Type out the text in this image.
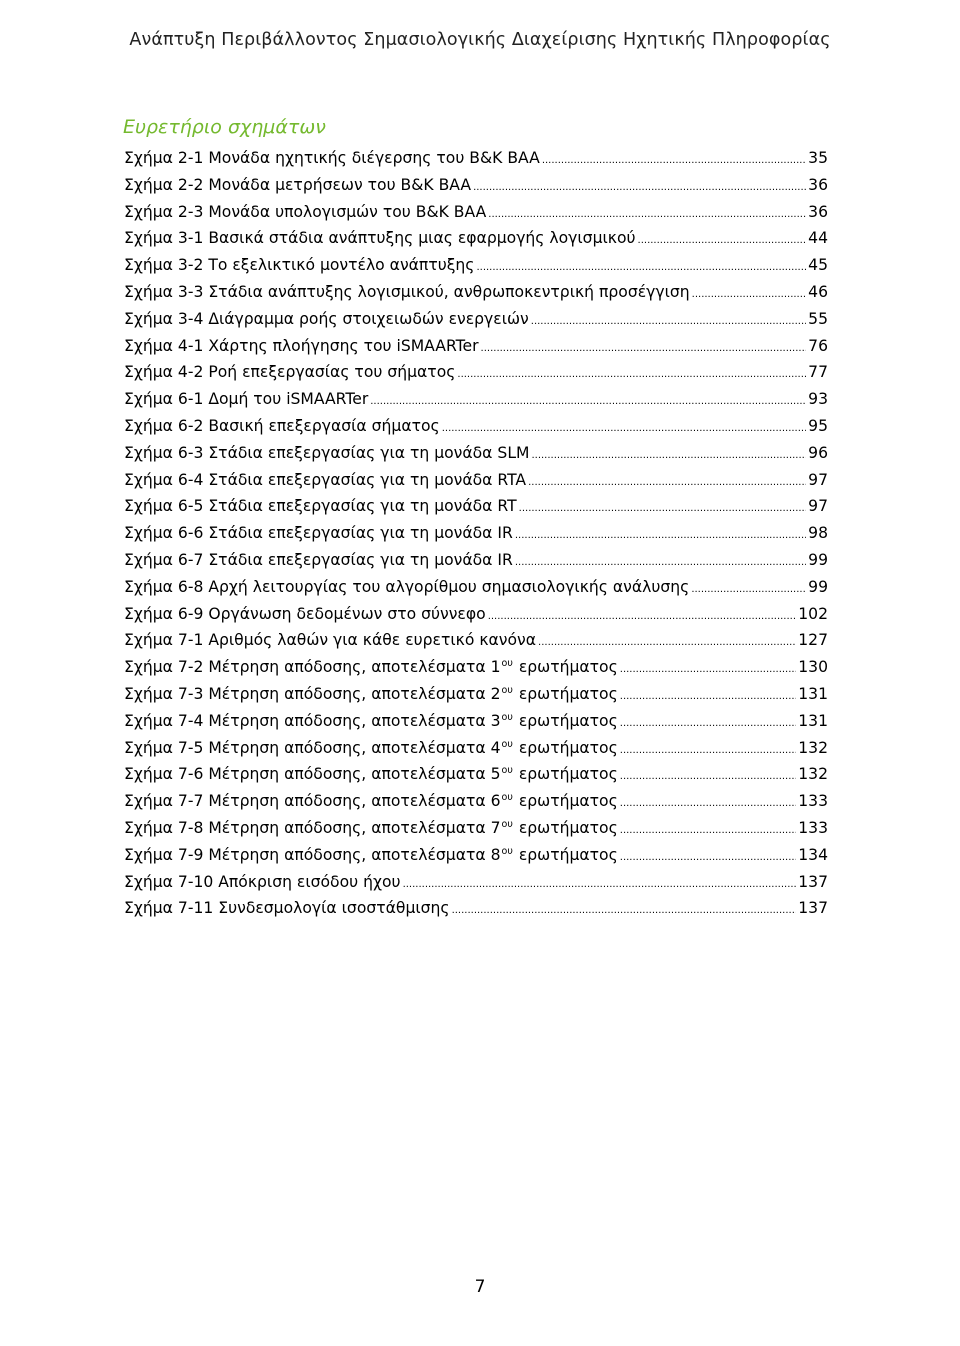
Ανάπτυξη Περιβάλλοντος Σημασιολογικής Διαχείρισης Ηχητικής Πληροφορίας
Ευρετήριο σχημάτων
Σχήμα 2-1 Μονάδα ηχητικής διέγερσης του B&K BAA .....	35
Σχήμα 2-2 Μονάδα μετρήσεων του B&K BAA .....	36
Σχήμα 2-3 Μονάδα υπολογισμών του B&K BAA .....	36
Σχήμα 3-1 Βασικά στάδια ανάπτυξης μιας εφαρμογής λογισμικού .....	44
Σχήμα 3-2 Το εξελικτικό μοντέλο ανάπτυξης .....	45
Σχήμα 3-3 Στάδια ανάπτυξης λογισμικού, ανθρωποκεντρική προσέγγιση .....	46
Σχήμα 3-4 Διάγραμμα ροής στοιχειωδών ενεργειών .....	55
Σχήμα 4-1 Χάρτης πλοήγησης του iSMAARTer .....	76
Σχήμα 4-2 Ροή επεξεργασίας του σήματος .....	77
Σχήμα 6-1 Δομή του iSMAARTer .....	93
Σχήμα 6-2 Βασική επεξεργασία σήματος .....	95
Σχήμα 6-3 Στάδια επεξεργασίας για τη μονάδα SLM .....	96
Σχήμα 6-4 Στάδια επεξεργασίας για τη μονάδα RTA .....	97
Σχήμα 6-5 Στάδια επεξεργασίας για τη μονάδα RT .....	97
Σχήμα 6-6 Στάδια επεξεργασίας για τη μονάδα IR .....	98
Σχήμα 6-7 Στάδια επεξεργασίας για τη μονάδα IR .....	99
Σχήμα 6-8 Αρχή λειτουργίας του αλγορίθμου σημασιολογικής ανάλυσης .....	99
Σχήμα 6-9 Οργάνωση δεδομένων στο σύννεφο .....	102
Σχήμα 7-1 Αριθμός λαθών για κάθε ευρετικό κανόνα .....	127
Σχήμα 7-2 Μέτρηση απόδοσης, αποτελέσματα $1^{o\upsilon}$ ερωτήματος .....	130
Σχήμα 7-3 Μέτρηση απόδοσης, αποτελέσματα $2^{o\upsilon}$ ερωτήματος .....	131
Σχήμα 7-4 Μέτρηση απόδοσης, αποτελέσματα $3^{o\upsilon}$ ερωτήματος .....	131
Σχήμα 7-5 Μέτρηση απόδοσης, αποτελέσματα $4^{o\upsilon}$ ερωτήματος .....	132
Σχήμα 7-6 Μέτρηση απόδοσης, αποτελέσματα $5^{o\upsilon}$ ερωτήματος .....	132
Σχήμα 7-7 Μέτρηση απόδοσης, αποτελέσματα $6^{o\upsilon}$ ερωτήματος .....	133
Σχήμα 7-8 Μέτρηση απόδοσης, αποτελέσματα $7^{o\upsilon}$ ερωτήματος .....	133
Σχήμα 7-9 Μέτρηση απόδοσης, αποτελέσματα $8^{o\upsilon}$ ερωτήματος .....	134
Σχήμα 7-10 Απόκριση εισόδου ήχου .....	137
Σχήμα 7-11 Συνδεσμολογία ισοστάθμισης .....	137
7
